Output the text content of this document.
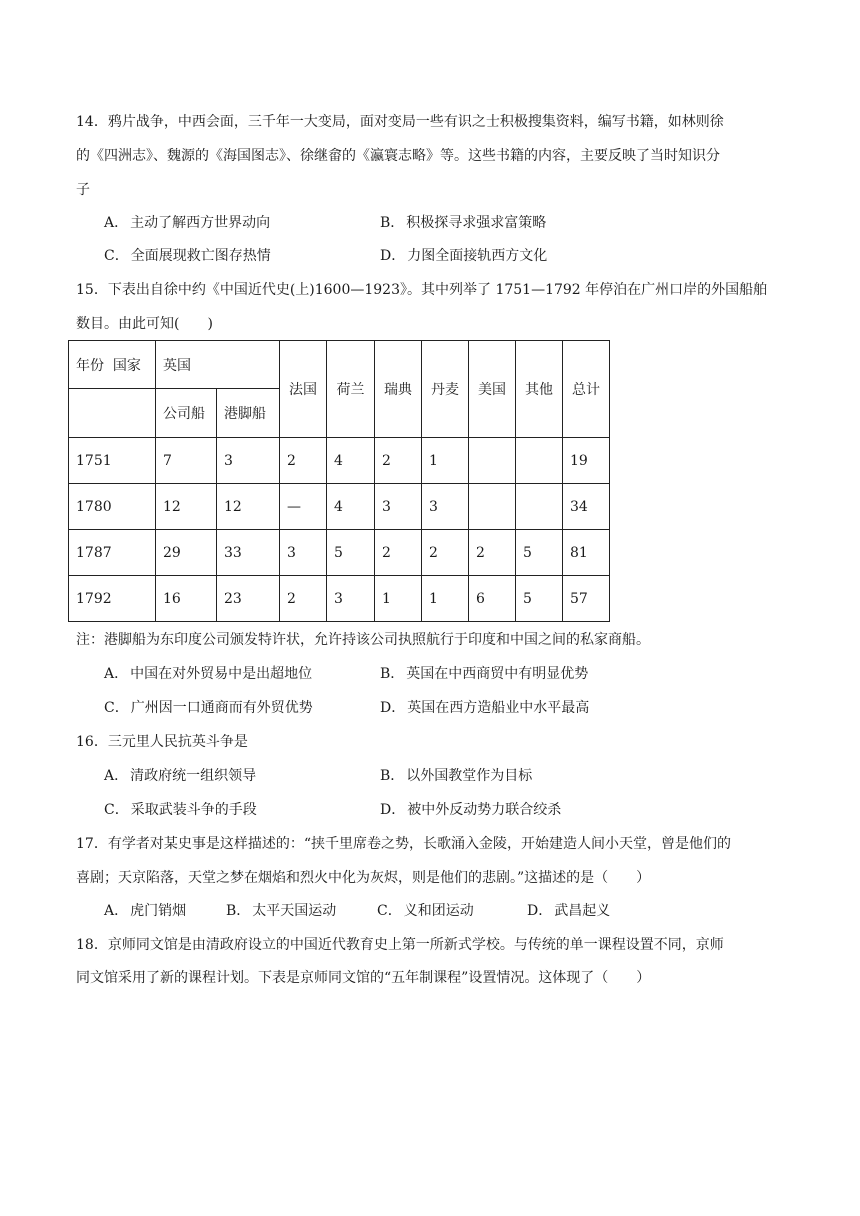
14．鸦片战争，中西会面，三千年一大变局，面对变局一些有识之士积极搜集资料，编写书籍，如林则徐
的《四洲志》、魏源的《海国图志》、徐继畲的《瀛寰志略》等。这些书籍的内容，主要反映了当时知识分
子
A． 主动了解西方世界动向	B． 积极探寻求强求富策略
C． 全面展现救亡图存热情	D． 力图全面接轨西方文化
15．下表出自徐中约《中国近代史(上)1600—1923》。其中列举了 1751—1792 年停泊在广州口岸的外国船舶
数目。由此可知(　　)
年份  国家	英国		法国	荷兰	瑞典	丹麦	美国	其他	总计
	公司船	港脚船							
1751	7	3	2	4	2	1			19
1780	12	12	—	4	3	3			34
1787	29	33	3	5	2	2	2	5	81
1792	16	23	2	3	1	1	6	5	57
注：港脚船为东印度公司颁发特许状，允许持该公司执照航行于印度和中国之间的私家商船。
A． 中国在对外贸易中是出超地位	B． 英国在中西商贸中有明显优势
C． 广州因一口通商而有外贸优势	D． 英国在西方造船业中水平最高
16．三元里人民抗英斗争是
A． 清政府统一组织领导	B． 以外国教堂作为目标
C． 采取武装斗争的手段	D． 被中外反动势力联合绞杀
17．有学者对某史事是这样描述的：“挟千里席卷之势，长歌涌入金陵，开始建造人间小天堂，曾是他们的
喜剧；天京陷落，天堂之梦在烟焰和烈火中化为灰烬，则是他们的悲剧。”这描述的是（　　）
A． 虎门销烟	B． 太平天国运动	C． 义和团运动	D． 武昌起义
18．京师同文馆是由清政府设立的中国近代教育史上第一所新式学校。与传统的单一课程设置不同，京师
同文馆采用了新的课程计划。下表是京师同文馆的“五年制课程”设置情况。这体现了（　　）
